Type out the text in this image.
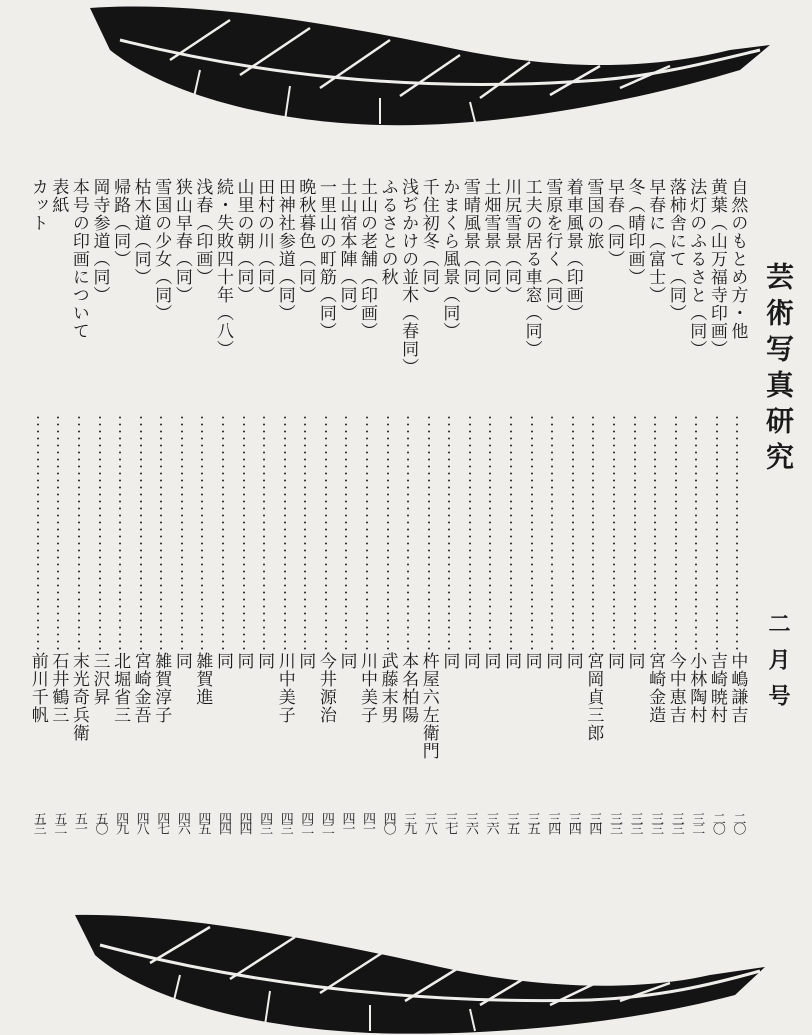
芸術写真研究
二月号
自然のもとめ方・他
中嶋謙吉
二〇
黄葉（山万福寺印画）
吉崎暁村
二〇
法灯のふるさと（同）
小林陶村
三二
落柿舎にて（同）
今中恵吉
三三
早春に（富士）
宮崎金造
三三
冬（晴印画）
同
三三
早春（同）
同
三三
雪国の旅
宮岡貞三郎
三四
着車風景（印画）
同
三四
雪原を行く（同）
同
三四
工夫の居る車窓（同）
同
三五
川尻雪景（同）
同
三五
土畑雪景（同）
同
三六
雪晴風景（同）
同
三六
かまくら風景（同）
同
三七
千住初冬（同）
杵屋六左衛門
三八
浅ぢかけの並木（春同）
本名柏陽
三九
ふるさとの秋
武藤末男
四〇
土山の老舗（印画）
川中美子
四一
土山宿本陣（同）
同
四一
一里山の町筋（同）
今井源治
四二
晩秋暮色（同）
同
四二
田神社参道（同）
川中美子
四三
田村の川（同）
同
四三
山里の朝（同）
同
四四
続・失敗四十年（八）
同
四四
浅春（印画）
雑賀進
四五
狭山早春（同）
同
四六
雪国の少女（同）
雑賀淳子
四七
枯木道（同）
宮崎金吾
四八
帰路（同）
北堀省三
四九
岡寺参道（同）
三沢昇
五〇
本号の印画について
末光奇兵衛
五一
表紙
石井鶴三
五二
カット
前川千帆
五三
